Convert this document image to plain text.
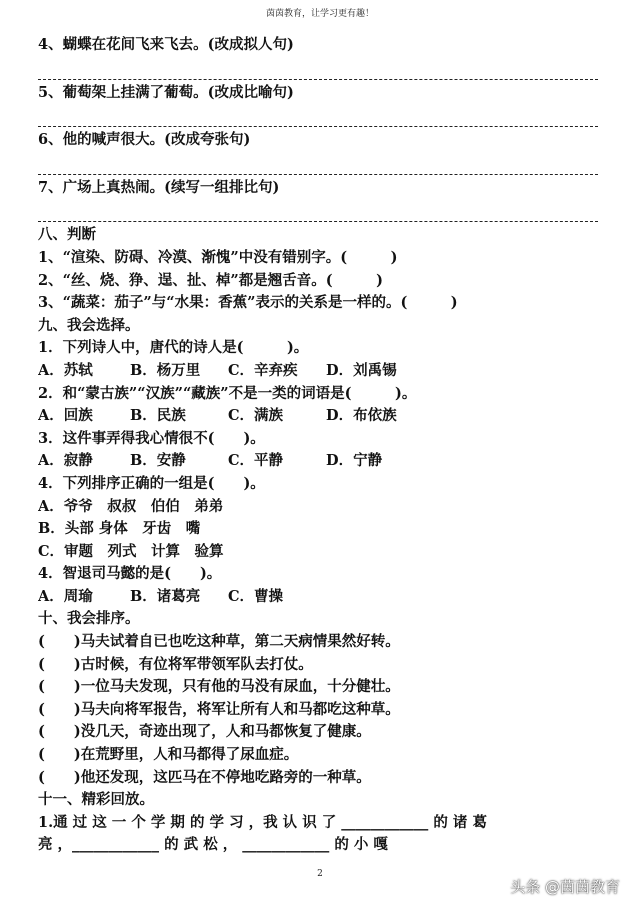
茵茵教育，让学习更有趣！
4、蝴蝶在花间飞来飞去。(改成拟人句)
5、葡萄架上挂满了葡萄。(改成比喻句)
6、他的喊声很大。(改成夸张句)
7、广场上真热闹。(续写一组排比句)
八、判断
1、“渲染、防碍、冷漠、渐愧”中没有错别字。(　　　)
2、“丝、烧、狰、逞、扯、棹”都是翘舌音。(　　　)
3、“蔬菜：茄子”与“水果：香蕉”表示的关系是一样的。(　　　)
九、我会选择。
1．下列诗人中，唐代的诗人是(　　　)。
A．苏轼	B．杨万里 C．辛弃疾 D．刘禹锡
2．和“蒙古族”“汉族”“藏族”不是一类的词语是(　　　)。
A．回族	B．民族	C．满族	D．布依族
3．这件事弄得我心情很不(　　)。
A．寂静	B．安静	C．平静	D．宁静
4．下列排序正确的一组是(　　)。
A．爷爷　叔叔　伯伯　弟弟
B．头部 身体　牙齿　嘴
C．审题　列式　计算　验算
4．智退司马懿的是(　　)。
A．周瑜	B．诸葛亮 C．曹操
十、我会排序。
(　　)马夫试着自已也吃这种草，第二天病情果然好转。
(　　)古时候，有位将军带领军队去打仗。
(　　)一位马夫发现，只有他的马没有尿血，十分健壮。
(　　)马夫向将军报告，将军让所有人和马都吃这种草。
(　　)没几天，奇迹出现了，人和马都恢复了健康。
(　　)在荒野里，人和马都得了尿血症。
(　　)他还发现，这匹马在不停地吃路旁的一种草。
十一、精彩回放。
1.通 过 这 一 个 学 期 的 学 习 ，我 认 识 了 ____________ 的 诸 葛
亮 ，____________ 的 武 松 ， ____________ 的 小 嘎
2
头条 @茵茵教育
